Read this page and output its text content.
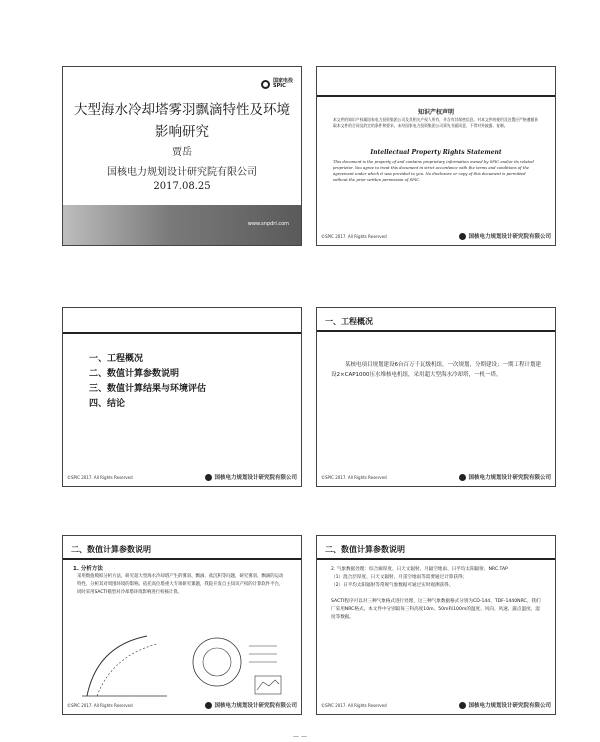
国家电投
SPIC
大型海水冷却塔雾羽飘滴特性及环境影响研究
贾岳
国核电力规划设计研究院有限公司
2017.08.25
www.snpdri.com
知识产权声明
本文件的知识产权属国家电力投资集团公司及其相关产权人所有，并含有其保密信息。对本文件的使用及处置应严格遵循获取本文件的合同及约定的条件和要求。未经国家电力投资集团公司事先书面同意，不得对外披露、复制。
Intellectual Property Rights Statement
This document is the property of and contains proprietary information owned by SPIC and/or its related proprietor. You agree to treat this document in strict accordance with the terms and conditions of the agreement under which it was provided to you. No disclosure or copy of this document is permitted without the prior written permission of SPIC.
©SPIC 2017. All Rights Reserved	国核电力规划设计研究院有限公司
一、工程概况
二、数值计算参数说明
三、数值计算结果与环境评估
四、结论
©SPIC 2017. All Rights Reserved	国核电力规划设计研究院有限公司
一、工程概况
某核电项目规划建设6台百万千瓦级机组，一次规划，分期建设；一期工程计划建设2×CAP1000压水堆核电机组，采用超大型海水冷却塔，一机一塔。
©SPIC 2017. All Rights Reserved	国核电力规划设计研究院有限公司
二、数值计算参数说明
1. 分析方法
采用数值模拟分析方法，研究超大型海水冷却塔产生的雾羽、飘滴、盐沉积等问题，研究雾羽、飘滴的运动特性，分析其对周围环境的影响。依托高位塔重大专项研究课题，我院开发自主知识产权的计算软件平台，同时采用SACTI模型对冷却塔环境影响进行校核计算。
©SPIC 2017. All Rights Reserved	国核电力规划设计研究院有限公司
二、数值计算参数说明

2. 气象数据处理：综合廊厚度、日天文辐射、月辐空地雨、日平均太阳辐射、NRC.TAP

（1）混合层厚度、日天文辐射、月雷空地雨等需要通过计算获得；

（2）日平均太阳辐射等常规气象数据可通过实时观测获得。

SACTI程序可以对三种气象格式进行处理，这三种气象数据格式分别为CD-144、TDF-1440NRC。我们厂采用NRC格式。本文件中分别取每三科高度10m、50m和100m的温度、风向、风速、露点温度、湿度等数据。

©SPIC 2017. All Rights Reserved	国核电力规划设计研究院有限公司
— —
